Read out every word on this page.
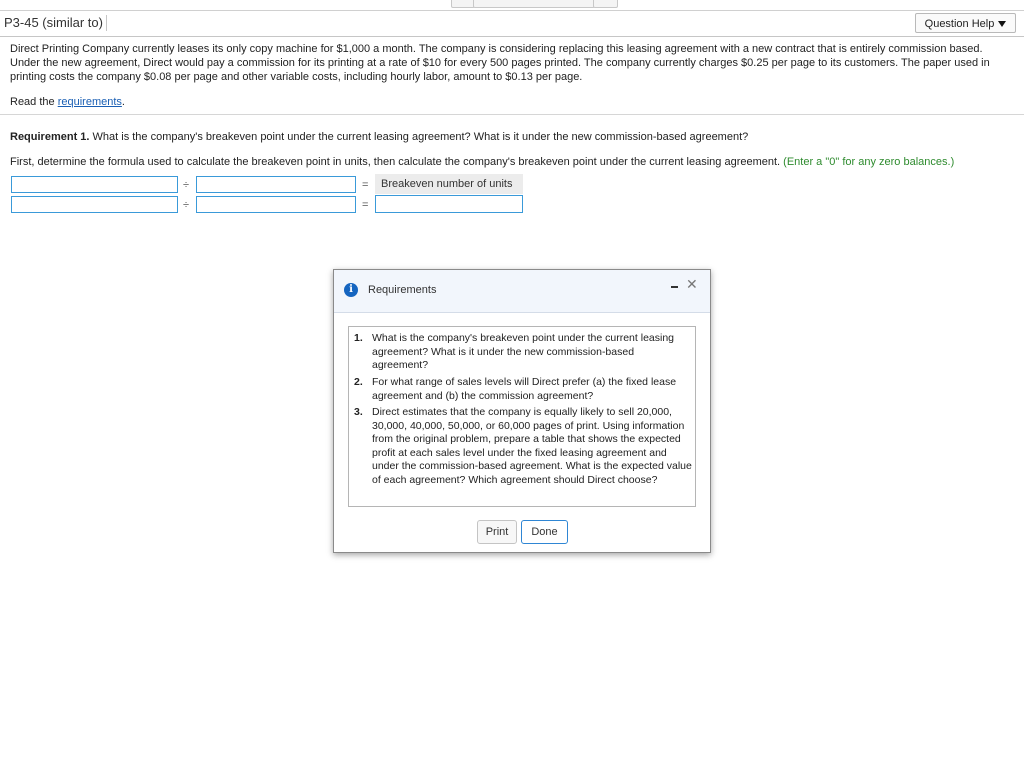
P3-45 (similar to)	Question Help
Direct Printing Company currently leases its only copy machine for $1,000 a month. The company is considering replacing this leasing agreement with a new contract that is entirely commission based. Under the new agreement, Direct would pay a commission for its printing at a rate of $10 for every 500 pages printed. The company currently charges $0.25 per page to its customers. The paper used in printing costs the company $0.08 per page and other variable costs, including hourly labor, amount to $0.13 per page.
Read the requirements.
Requirement 1. What is the company's breakeven point under the current leasing agreement? What is it under the new commission-based agreement?
First, determine the formula used to calculate the breakeven point in units, then calculate the company's breakeven point under the current leasing agreement. (Enter a "0" for any zero balances.)
÷	=	Breakeven number of units
÷	=
i	Requirements	✕
1. What is the company's breakeven point under the current leasing agreement? What is it under the new commission-based agreement?
2. For what range of sales levels will Direct prefer (a) the fixed lease agreement and (b) the commission agreement?
3. Direct estimates that the company is equally likely to sell 20,000, 30,000, 40,000, 50,000, or 60,000 pages of print. Using information from the original problem, prepare a table that shows the expected profit at each sales level under the fixed leasing agreement and under the commission-based agreement. What is the expected value of each agreement? Which agreement should Direct choose?
Print	Done
